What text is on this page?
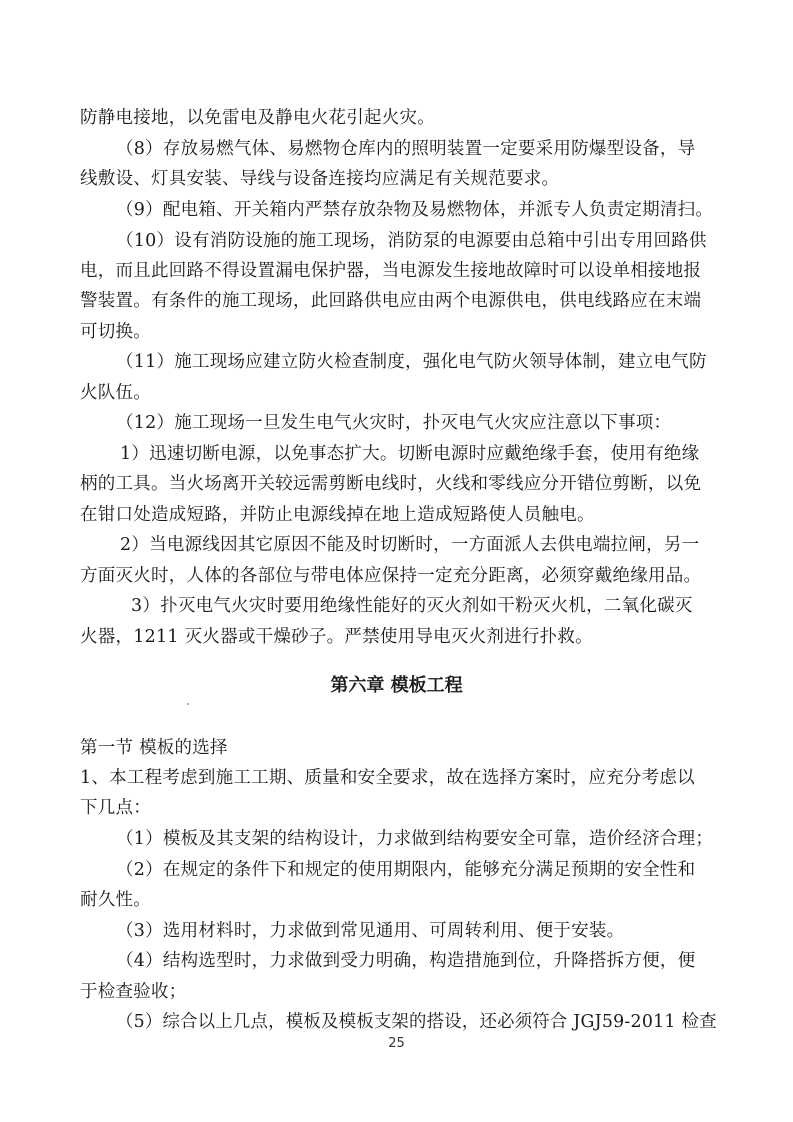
防静电接地，以免雷电及静电火花引起火灾。
（8）存放易燃气体、易燃物仓库内的照明装置一定要采用防爆型设备，导
线敷设、灯具安装、导线与设备连接均应满足有关规范要求。
（9）配电箱、开关箱内严禁存放杂物及易燃物体，并派专人负责定期清扫。
（10）设有消防设施的施工现场，消防泵的电源要由总箱中引出专用回路供
电，而且此回路不得设置漏电保护器，当电源发生接地故障时可以设单相接地报
警装置。有条件的施工现场，此回路供电应由两个电源供电，供电线路应在末端
可切换。
（11）施工现场应建立防火检查制度，强化电气防火领导体制，建立电气防
火队伍。
（12）施工现场一旦发生电气火灾时，扑灭电气火灾应注意以下事项：
1）迅速切断电源，以免事态扩大。切断电源时应戴绝缘手套，使用有绝缘
柄的工具。当火场离开关较远需剪断电线时，火线和零线应分开错位剪断，以免
在钳口处造成短路，并防止电源线掉在地上造成短路使人员触电。
2）当电源线因其它原因不能及时切断时，一方面派人去供电端拉闸，另一
方面灭火时，人体的各部位与带电体应保持一定充分距离，必须穿戴绝缘用品。
3）扑灭电气火灾时要用绝缘性能好的灭火剂如干粉灭火机，二氧化碳灭
火器，1211 灭火器或干燥砂子。严禁使用导电灭火剂进行扑救。
第六章 模板工程
第一节 模板的选择
1、本工程考虑到施工工期、质量和安全要求，故在选择方案时，应充分考虑以
下几点：
（1）模板及其支架的结构设计，力求做到结构要安全可靠，造价经济合理；
（2）在规定的条件下和规定的使用期限内，能够充分满足预期的安全性和
耐久性。
（3）选用材料时，力求做到常见通用、可周转利用、便于安装。
（4）结构选型时，力求做到受力明确，构造措施到位，升降搭拆方便，便
于检查验收；
（5）综合以上几点，模板及模板支架的搭设，还必须符合 JGJ59-2011 检查
25
